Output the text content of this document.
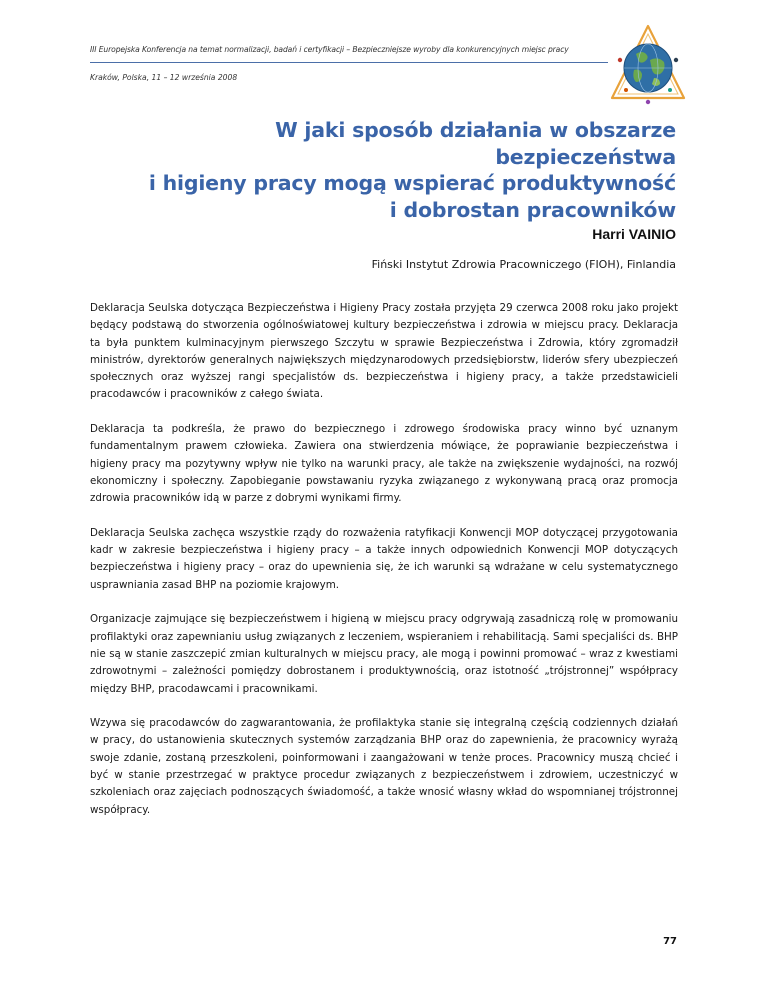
III Europejska Konferencja na temat normalizacji, badań i certyfikacji – Bezpieczniejsze wyroby dla konkurencyjnych miejsc pracy
Kraków, Polska, 11 – 12 września 2008
W jaki sposób działania w obszarze bezpieczeństwa
i higieny pracy mogą wspierać produktywność
i dobrostan pracowników
Harri VAINIO
Fiński Instytut Zdrowia Pracowniczego (FIOH), Finlandia

Deklaracja Seulska dotycząca Bezpieczeństwa i Higieny Pracy została przyjęta 29 czerwca 2008 roku jako projekt będący podstawą do stworzenia ogólnoświatowej kultury bezpieczeństwa i zdrowia w miejscu pracy. Deklaracja ta była punktem kulminacyjnym pierwszego Szczytu w sprawie Bezpieczeństwa i Zdrowia, który zgromadził ministrów, dyrektorów generalnych największych międzynarodowych przedsiębiorstw, liderów sfery ubezpieczeń społecznych oraz wyższej rangi specjalistów ds. bezpieczeństwa i higieny pracy, a także przedstawicieli pracodawców i pracowników z całego świata.

Deklaracja ta podkreśla, że prawo do bezpiecznego i zdrowego środowiska pracy winno być uznanym fundamentalnym prawem człowieka. Zawiera ona stwierdzenia mówiące, że poprawianie bezpieczeństwa i higieny pracy ma pozytywny wpływ nie tylko na warunki pracy, ale także na zwiększenie wydajności, na rozwój ekonomiczny i społeczny. Zapobieganie powstawaniu ryzyka związanego z wykonywaną pracą oraz promocja zdrowia pracowników idą w parze z dobrymi wynikami firmy.

Deklaracja Seulska zachęca wszystkie rządy do rozważenia ratyfikacji Konwencji MOP dotyczącej przygotowania kadr w zakresie bezpieczeństwa i higieny pracy – a także innych odpowiednich Konwencji MOP dotyczących bezpieczeństwa i higieny pracy – oraz do upewnienia się, że ich warunki są wdrażane w celu systematycznego usprawniania zasad BHP na poziomie krajowym.

Organizacje zajmujące się bezpieczeństwem i higieną w miejscu pracy odgrywają zasadniczą rolę w promowaniu profilaktyki oraz zapewnianiu usług związanych z leczeniem, wspieraniem i rehabilitacją. Sami specjaliści ds. BHP nie są w stanie zaszczepić zmian kulturalnych w miejscu pracy, ale mogą i powinni promować – wraz z kwestiami zdrowotnymi – zależności pomiędzy dobrostanem i produktywnością, oraz istotność „trójstronnej” współpracy między BHP, pracodawcami i pracownikami.

Wzywa się pracodawców do zagwarantowania, że profilaktyka stanie się integralną częścią codziennych działań w pracy, do ustanowienia skutecznych systemów zarządzania BHP oraz do zapewnienia, że pracownicy wyrażą swoje zdanie, zostaną przeszkoleni, poinformowani i zaangażowani w tenże proces. Pracownicy muszą chcieć i być w stanie przestrzegać w praktyce procedur związanych z bezpieczeństwem i zdrowiem, uczestniczyć w szkoleniach oraz zajęciach podnoszących świadomość, a także wnosić własny wkład do wspomnianej trójstronnej współpracy.

77
